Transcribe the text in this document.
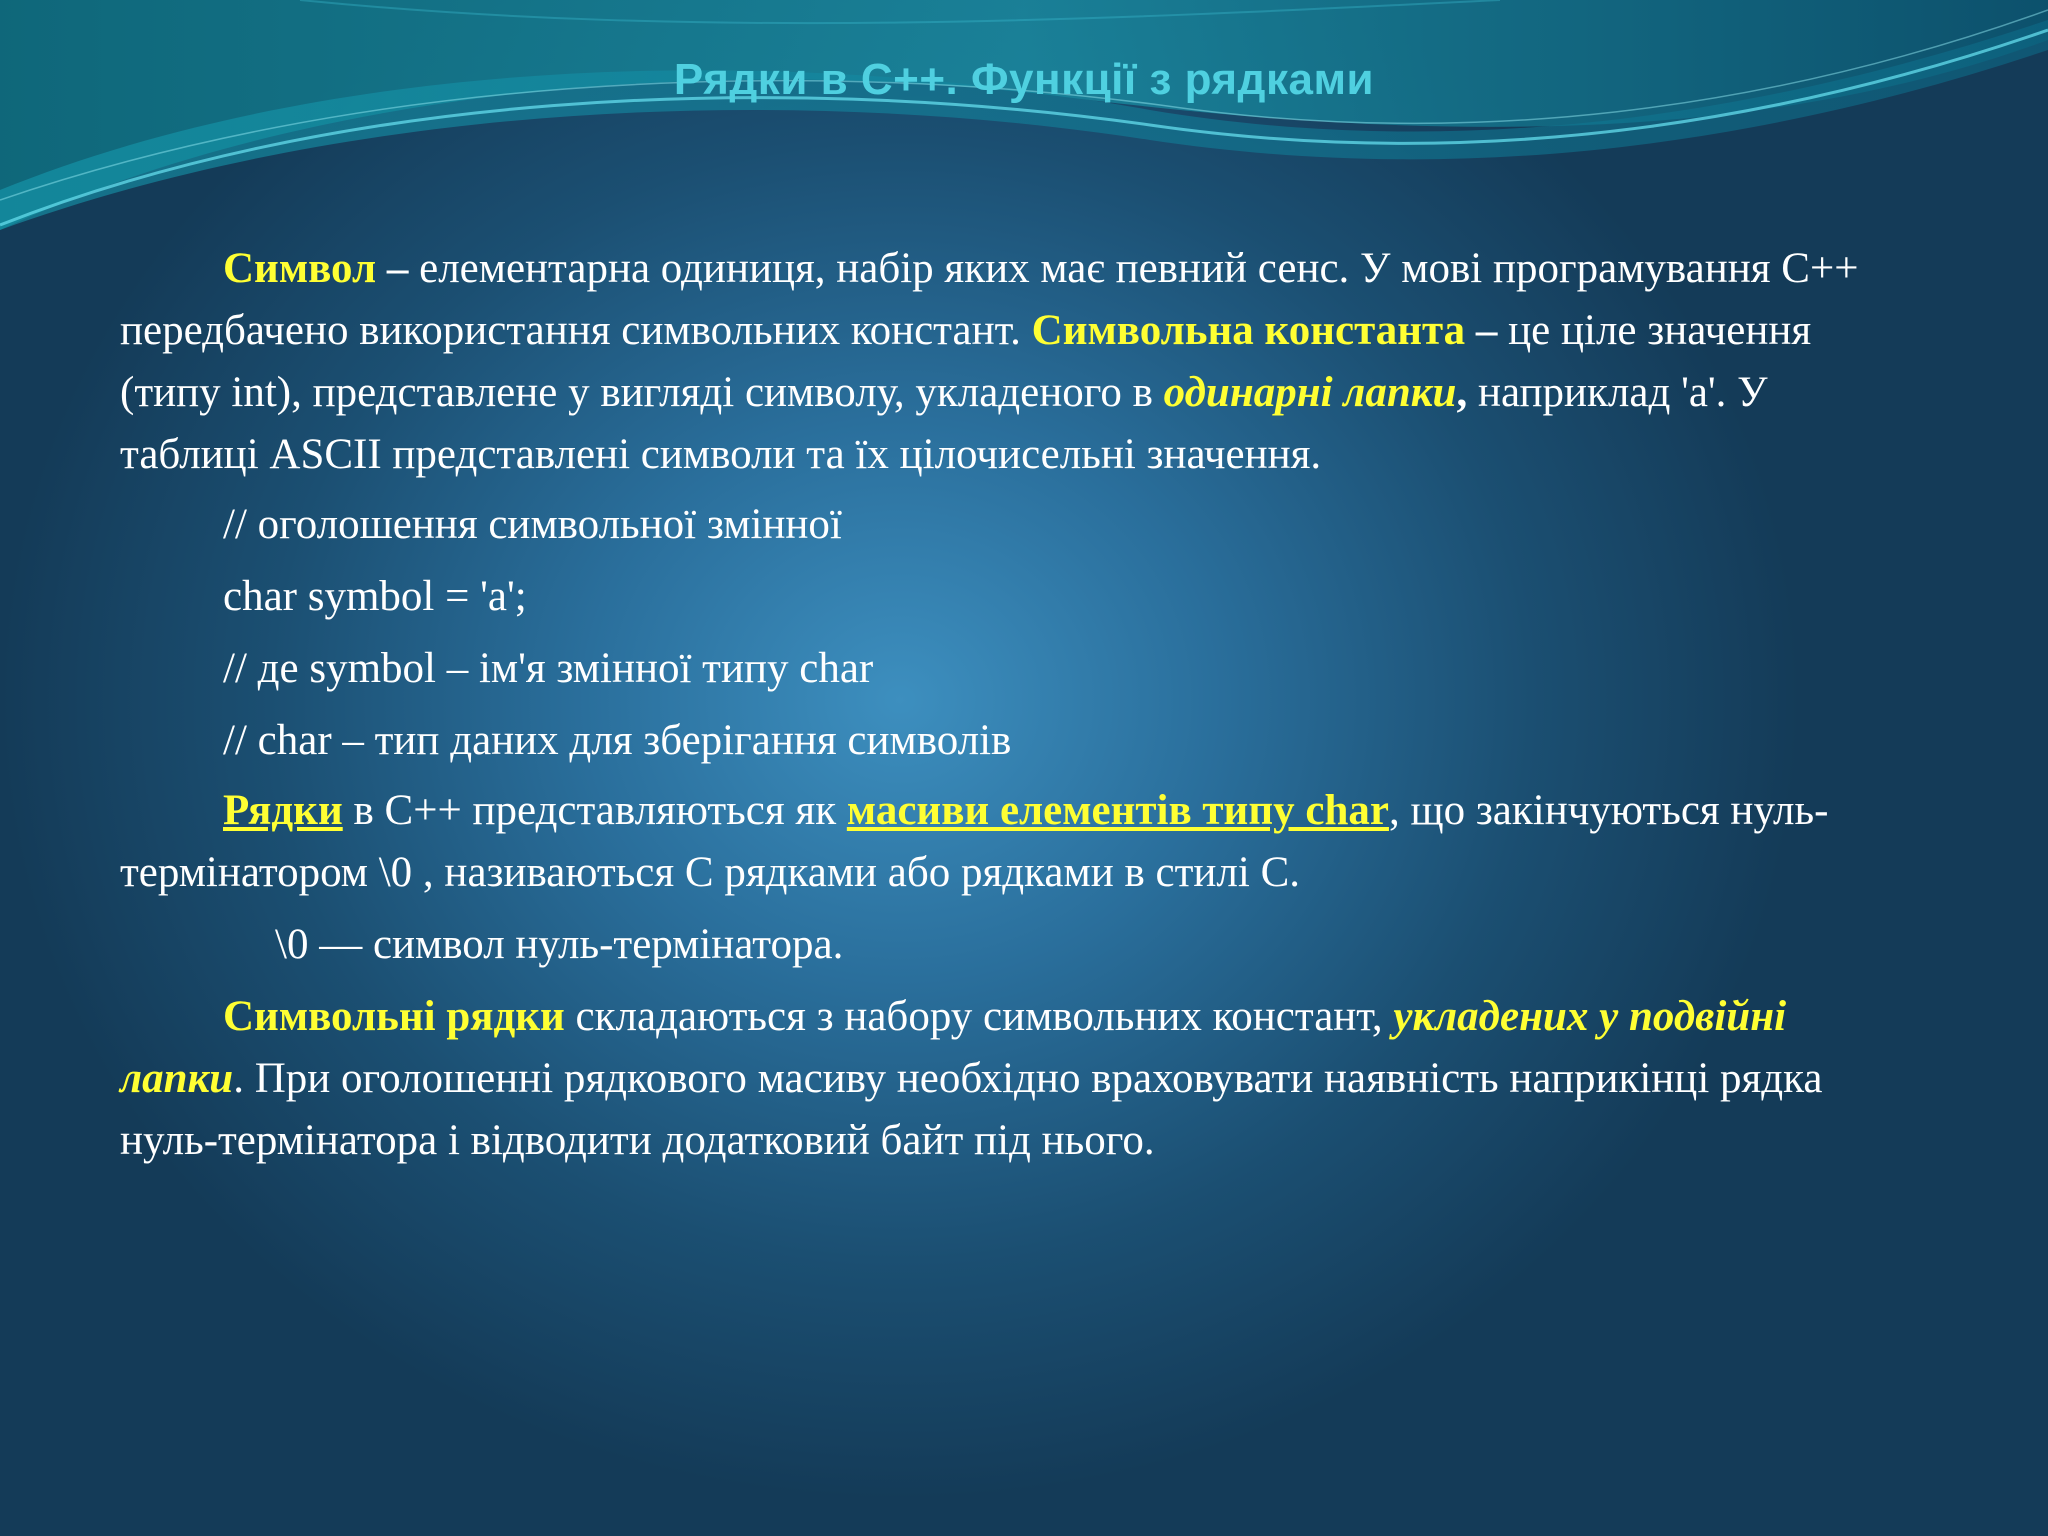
Рядки в С++. Функції з рядками

Символ – елементарна одиниця, набір яких має певний сенс. У мові програмування С++ передбачено використання символьних констант. Символьна константа – це ціле значення (типу int), представлене у вигляді символу, укладеного в одинарні лапки, наприклад 'a'. У таблиці ASCII представлені символи та їх цілочисельні значення.

// оголошення символьної змінної
char symbol = 'a';
// де symbol – ім'я змінної типу char
// char – тип даних для зберігання символів

Рядки в С++ представляються як масиви елементів типу char, що закінчуються нуль-термінатором \0 , називаються С рядками або рядками в стилі С.

\0 — символ нуль-термінатора.

Символьні рядки складаються з набору символьних констант, укладених у подвійні лапки. При оголошенні рядкового масиву необхідно враховувати наявність наприкінці рядка нуль-термінатора і відводити додатковий байт під нього.
